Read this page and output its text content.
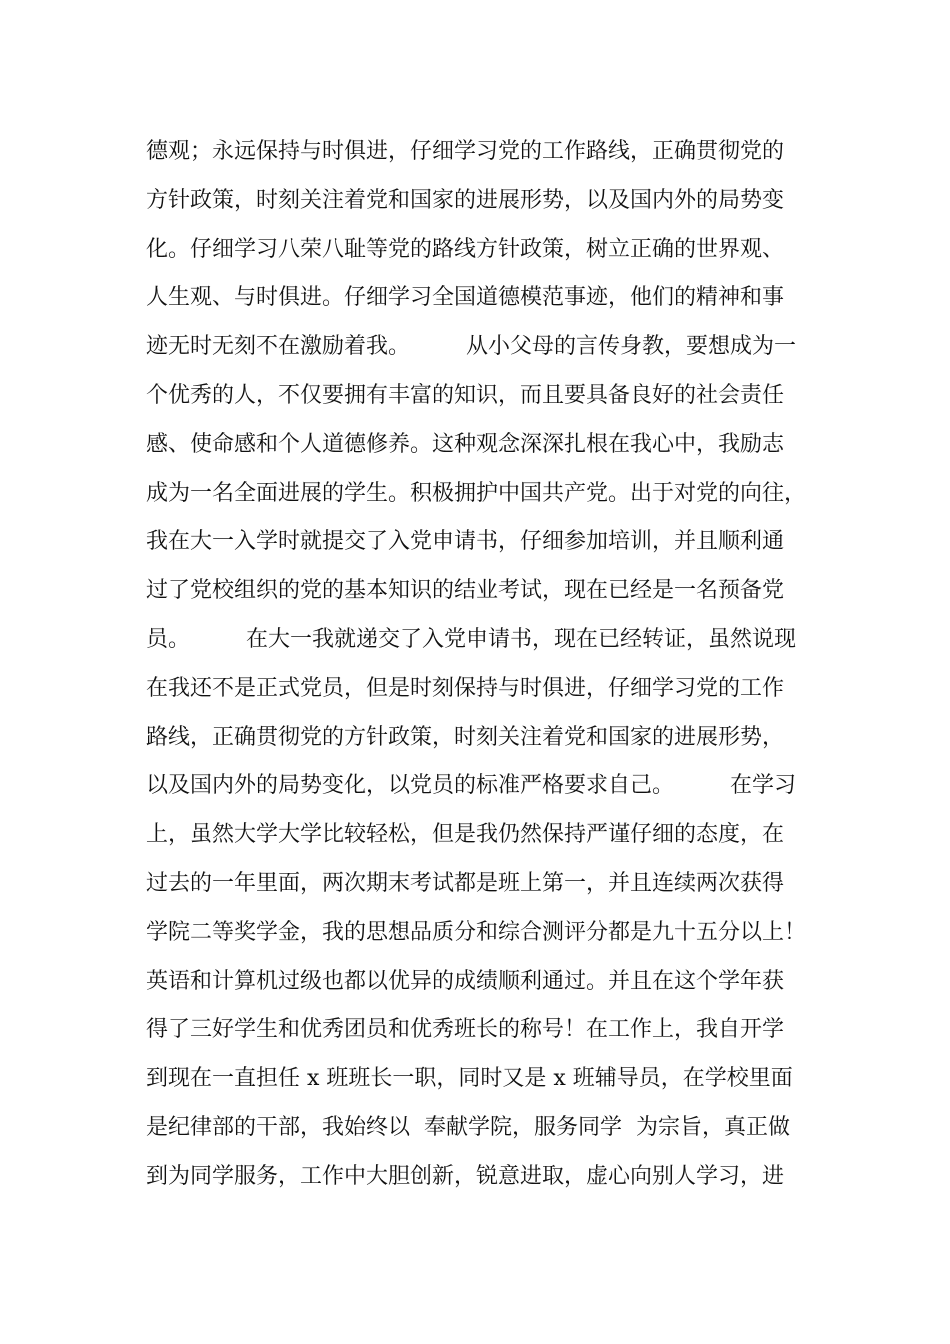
德观；永远保持与时俱进，仔细学习党的工作路线，正确贯彻党的
方针政策，时刻关注着党和国家的进展形势，以及国内外的局势变
化。仔细学习八荣八耻等党的路线方针政策，树立正确的世界观、
人生观、与时俱进。仔细学习全国道德模范事迹，他们的精神和事
迹无时无刻不在激励着我。        从小父母的言传身教，要想成为一
个优秀的人，不仅要拥有丰富的知识，而且要具备良好的社会责任
感、使命感和个人道德修养。这种观念深深扎根在我心中，我励志
成为一名全面进展的学生。积极拥护中国共产党。出于对党的向往，
我在大一入学时就提交了入党申请书，仔细参加培训，并且顺利通
过了党校组织的党的基本知识的结业考试，现在已经是一名预备党
员。        在大一我就递交了入党申请书，现在已经转证，虽然说现
在我还不是正式党员，但是时刻保持与时俱进，仔细学习党的工作
路线，正确贯彻党的方针政策，时刻关注着党和国家的进展形势，
以及国内外的局势变化，以党员的标准严格要求自己。        在学习
上，虽然大学大学比较轻松，但是我仍然保持严谨仔细的态度，在
过去的一年里面，两次期末考试都是班上第一，并且连续两次获得
学院二等奖学金，我的思想品质分和综合测评分都是九十五分以上！
英语和计算机过级也都以优异的成绩顺利通过。并且在这个学年获
得了三好学生和优秀团员和优秀班长的称号！在工作上，我自开学
到现在一直担任 x 班班长一职，同时又是 x 班辅导员，在学校里面
是纪律部的干部，我始终以  奉献学院，服务同学  为宗旨，真正做
到为同学服务，工作中大胆创新，锐意进取，虚心向别人学习，进
